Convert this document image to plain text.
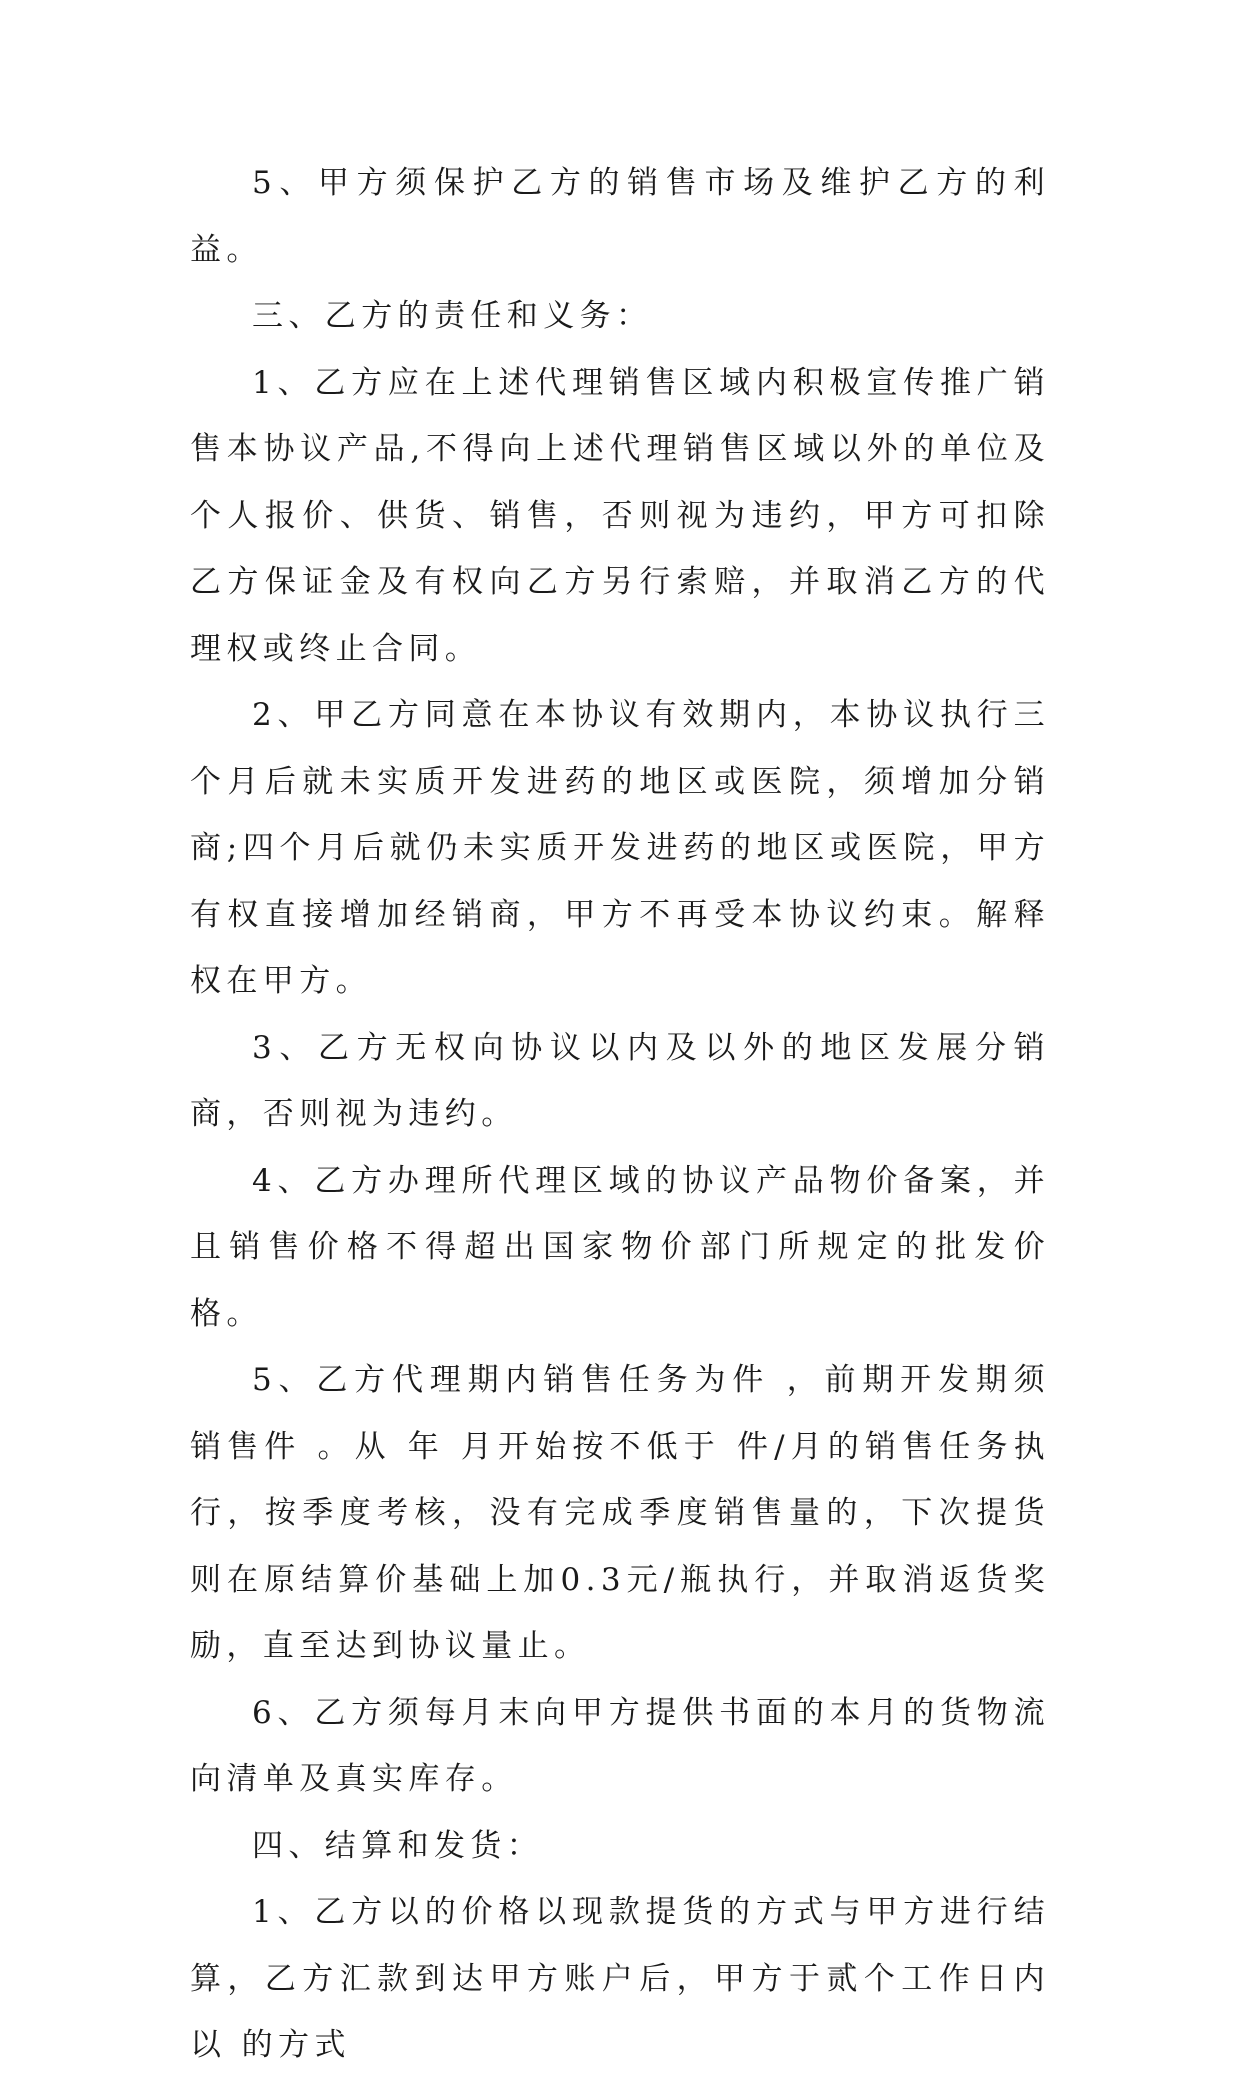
5、甲方须保护乙方的销售市场及维护乙方的利益。

三、乙方的责任和义务：

1、乙方应在上述代理销售区域内积极宣传推广销售本协议产品,不得向上述代理销售区域以外的单位及个人报价、供货、销售，否则视为违约，甲方可扣除乙方保证金及有权向乙方另行索赔，并取消乙方的代理权或终止合同。

2、甲乙方同意在本协议有效期内，本协议执行三个月后就未实质开发进药的地区或医院，须增加分销商;四个月后就仍未实质开发进药的地区或医院，甲方有权直接增加经销商，甲方不再受本协议约束。解释权在甲方。

3、乙方无权向协议以内及以外的地区发展分销商，否则视为违约。

4、乙方办理所代理区域的协议产品物价备案，并且销售价格不得超出国家物价部门所规定的批发价格。

5、乙方代理期内销售任务为件 ，前期开发期须销售件 。从 年 月开始按不低于 件/月的销售任务执行，按季度考核，没有完成季度销售量的，下次提货则在原结算价基础上加0.3元/瓶执行，并取消返货奖励，直至达到协议量止。

6、乙方须每月末向甲方提供书面的本月的货物流向清单及真实库存。

四、结算和发货：

1、乙方以的价格以现款提货的方式与甲方进行结算，乙方汇款到达甲方账户后，甲方于贰个工作日内以 的方式
